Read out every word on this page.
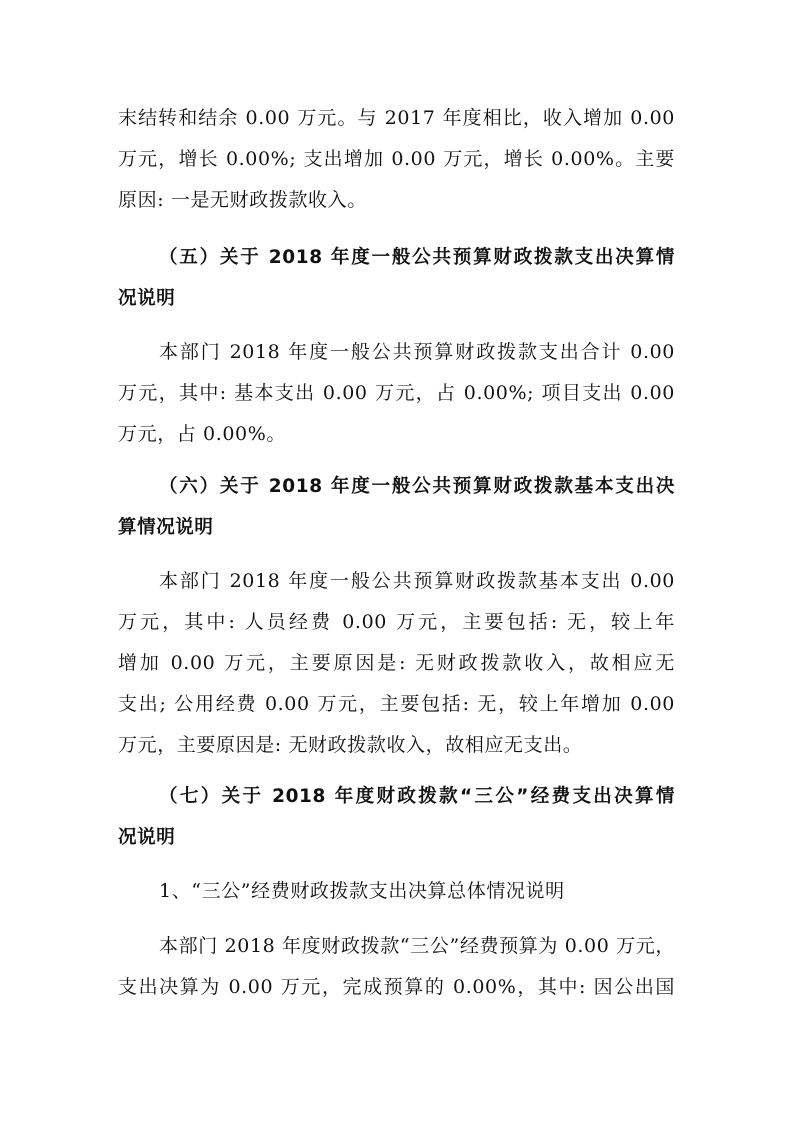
末结转和结余 0.00 万元。与 2017 年度相比，收入增加 0.00
万元，增长 0.00%; 支出增加 0.00 万元，增长 0.00%。主要
原因: 一是无财政拨款收入。
（五）关于 2018 年度一般公共预算财政拨款支出决算情
况说明
本部门 2018 年度一般公共预算财政拨款支出合计 0.00
万元，其中: 基本支出 0.00 万元，占 0.00%; 项目支出 0.00
万元，占 0.00%。
（六）关于 2018 年度一般公共预算财政拨款基本支出决
算情况说明
本部门 2018 年度一般公共预算财政拨款基本支出 0.00
万元，其中: 人员经费 0.00 万元，主要包括: 无，较上年
增加 0.00 万元，主要原因是: 无财政拨款收入，故相应无
支出; 公用经费 0.00 万元，主要包括: 无，较上年增加 0.00
万元，主要原因是: 无财政拨款收入，故相应无支出。
（七）关于 2018 年度财政拨款“三公”经费支出决算情
况说明
1、“三公”经费财政拨款支出决算总体情况说明
本部门 2018 年度财政拨款“三公”经费预算为 0.00 万元，
支出决算为 0.00 万元，完成预算的 0.00%，其中: 因公出国
